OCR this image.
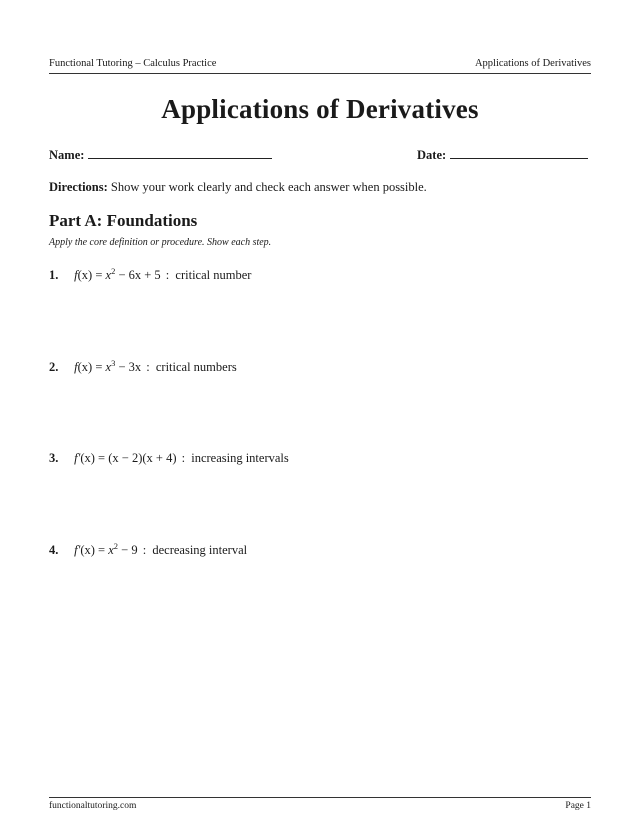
Functional Tutoring – Calculus Practice	Applications of Derivatives
Applications of Derivatives
Name:	Date:
Directions: Show your work clearly and check each answer when possible.
Part A: Foundations
Apply the core definition or procedure. Show each step.
1. $f(x) = x^2 - 6x + 5$ : critical number
2. $f(x) = x^3 - 3x$ : critical numbers
3. f′(x) = (x − 2)(x + 4) : increasing intervals
4. $f'(x) = x^2 - 9$ : decreasing interval
functionaltutoring.com	Page 1
